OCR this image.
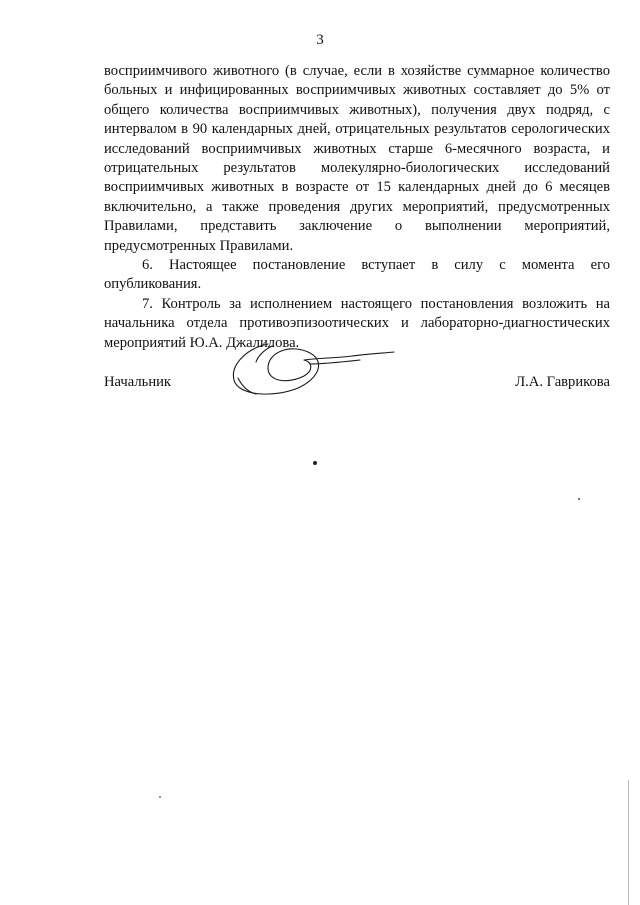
3

восприимчивого животного (в случае, если в хозяйстве суммарное количество больных и инфицированных восприимчивых животных составляет до 5% от общего количества восприимчивых животных), получения двух подряд, с интервалом в 90 календарных дней, отрицательных результатов серологических исследований восприимчивых животных старше 6-месячного возраста, и отрицательных результатов молекулярно-биологических исследований восприимчивых животных в возрасте от 15 календарных дней до 6 месяцев включительно, а также проведения других мероприятий, предусмотренных Правилами, представить заключение о выполнении мероприятий, предусмотренных Правилами.

6. Настоящее постановление вступает в силу с момента его опубликования.

7. Контроль за исполнением настоящего постановления возложить на начальника отдела противоэпизоотических и лабораторно-диагностических мероприятий Ю.А. Джалилова.

Начальник	Л.А. Гаврикова
